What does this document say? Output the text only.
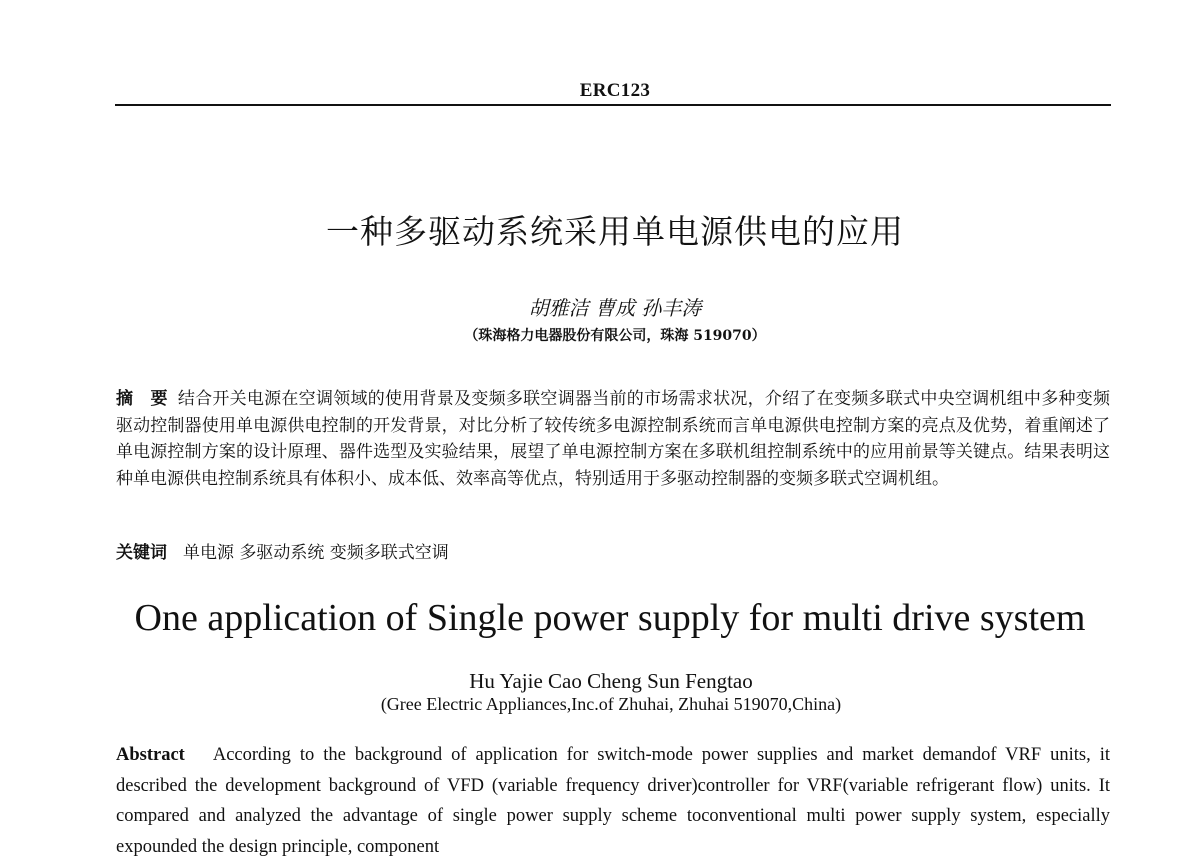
ERC123
一种多驱动系统采用单电源供电的应用
胡雅洁 曹成 孙丰涛
（珠海格力电器股份有限公司，珠海 519070）
摘　要 结合开关电源在空调领域的使用背景及变频多联空调器当前的市场需求状况，介绍了在变频多联式中央空调机组中多种变频驱动控制器使用单电源供电控制的开发背景，对比分析了较传统多电源控制系统而言单电源供电控制方案的亮点及优势，着重阐述了单电源控制方案的设计原理、器件选型及实验结果，展望了单电源控制方案在多联机组控制系统中的应用前景等关键点。结果表明这种单电源供电控制系统具有体积小、成本低、效率高等优点，特别适用于多驱动控制器的变频多联式空调机组。
关键词 单电源 多驱动系统 变频多联式空调
One application of Single power supply for multi drive system
Hu Yajie Cao Cheng Sun Fengtao
(Gree Electric Appliances,Inc.of Zhuhai, Zhuhai 519070,China)
Abstract According to the background of application for switch-mode power supplies and market demandof VRF units, it described the development background of VFD (variable frequency driver)controller for VRF(variable refrigerant flow) units. It compared and analyzed the advantage of single power supply scheme toconventional multi power supply system, especially expounded the design principle, component
